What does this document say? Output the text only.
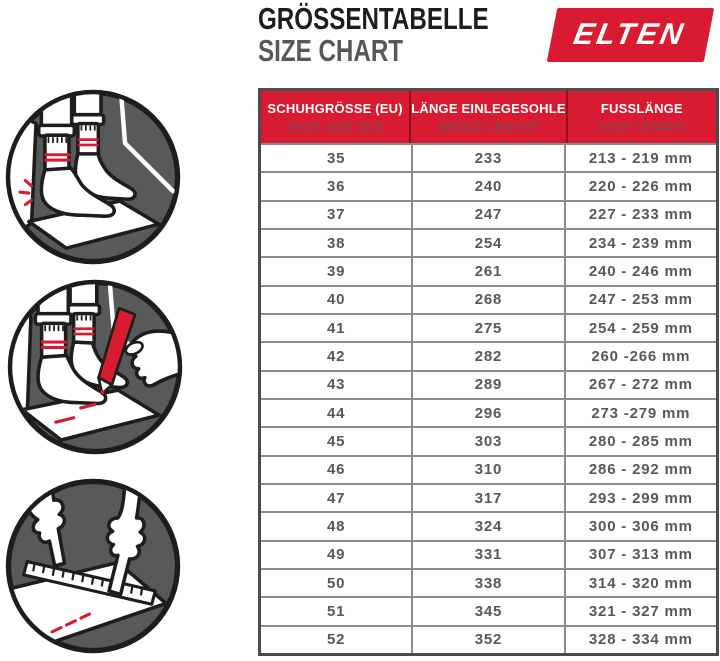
GRÖSSENTABELLE
SIZE CHART	ELTEN
SCHUHGRÖSSE (EU)
SHOE SIZE (EU)
LÄNGE EINLEGESOHLE
INSOLE LENGHT
FUSSLÄNGE
FOOT LENGHT
35	233	213 - 219 mm
36	240	220 - 226 mm
37	247	227 - 233 mm
38	254	234 - 239 mm
39	261	240 - 246 mm
40	268	247 - 253 mm
41	275	254 - 259 mm
42	282	260 -266 mm
43	289	267 - 272 mm
44	296	273 -279 mm
45	303	280 - 285 mm
46	310	286 - 292 mm
47	317	293 - 299 mm
48	324	300 - 306 mm
49	331	307 - 313 mm
50	338	314 - 320 mm
51	345	321 - 327 mm
52	352	328 - 334 mm
